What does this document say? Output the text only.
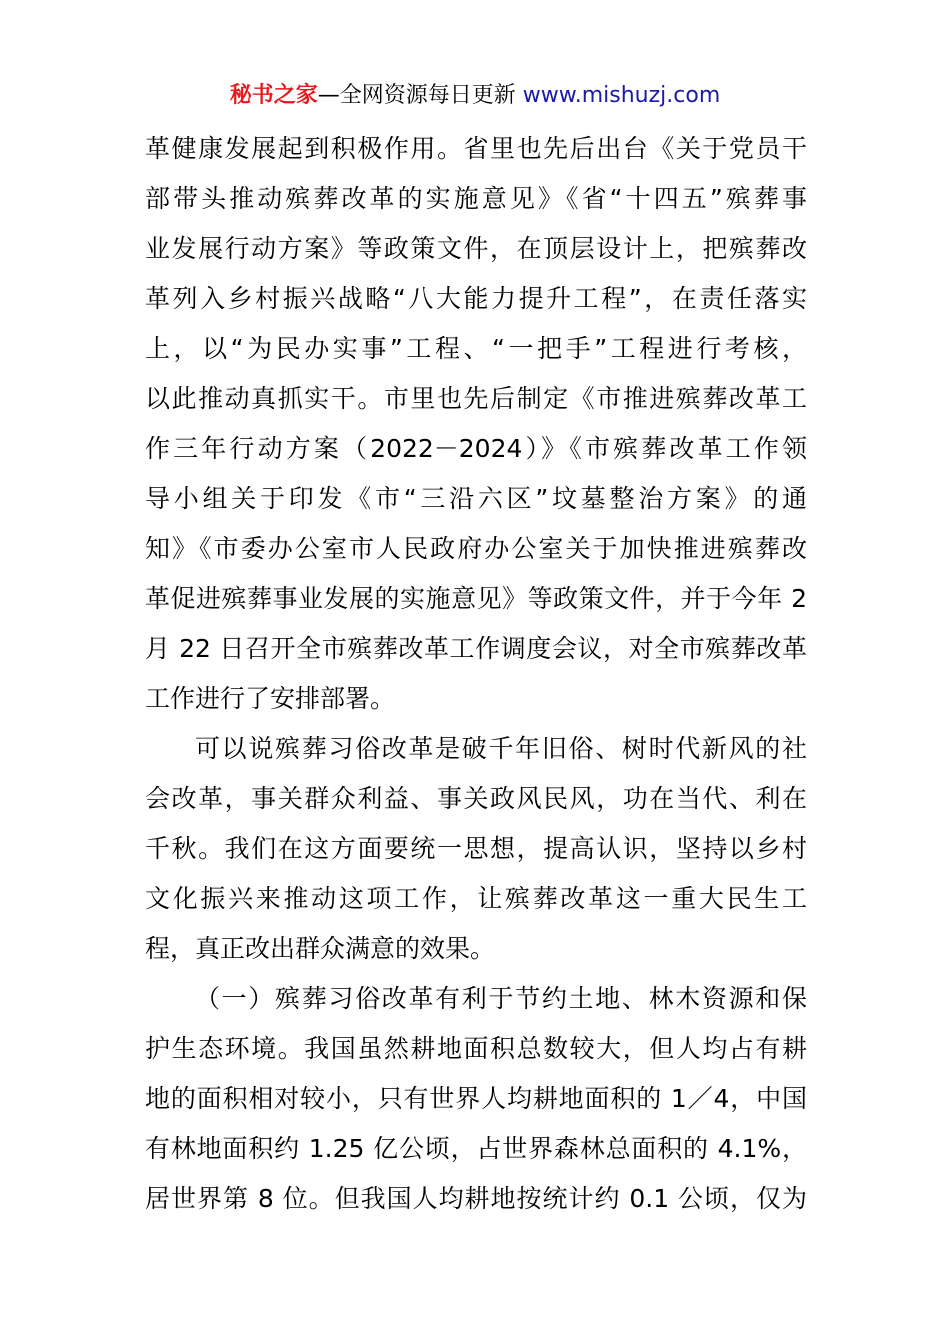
秘书之家—全网资源每日更新 www.mishuzj.com
革健康发展起到积极作用。省里也先后出台《关于党员干
部带头推动殡葬改革的实施意见》《省“十四五”殡葬事
业发展行动方案》等政策文件，在顶层设计上，把殡葬改
革列入乡村振兴战略“八大能力提升工程”，在责任落实
上，以“为民办实事”工程、“一把手”工程进行考核，
以此推动真抓实干。市里也先后制定《市推进殡葬改革工
作三年行动方案（2022－2024）》《市殡葬改革工作领
导小组关于印发《市“三沿六区”坟墓整治方案》的通
知》《市委办公室市人民政府办公室关于加快推进殡葬改
革促进殡葬事业发展的实施意见》等政策文件，并于今年 2
月 22 日召开全市殡葬改革工作调度会议，对全市殡葬改革
工作进行了安排部署。
可以说殡葬习俗改革是破千年旧俗、树时代新风的社
会改革，事关群众利益、事关政风民风，功在当代、利在
千秋。我们在这方面要统一思想，提高认识，坚持以乡村
文化振兴来推动这项工作，让殡葬改革这一重大民生工
程，真正改出群众满意的效果。
（一）殡葬习俗改革有利于节约土地、林木资源和保
护生态环境。我国虽然耕地面积总数较大，但人均占有耕
地的面积相对较小，只有世界人均耕地面积的 1／4，中国
有林地面积约 1.25 亿公顷，占世界森林总面积的 4.1%，
居世界第 8 位。但我国人均耕地按统计约 0.1 公顷，仅为
